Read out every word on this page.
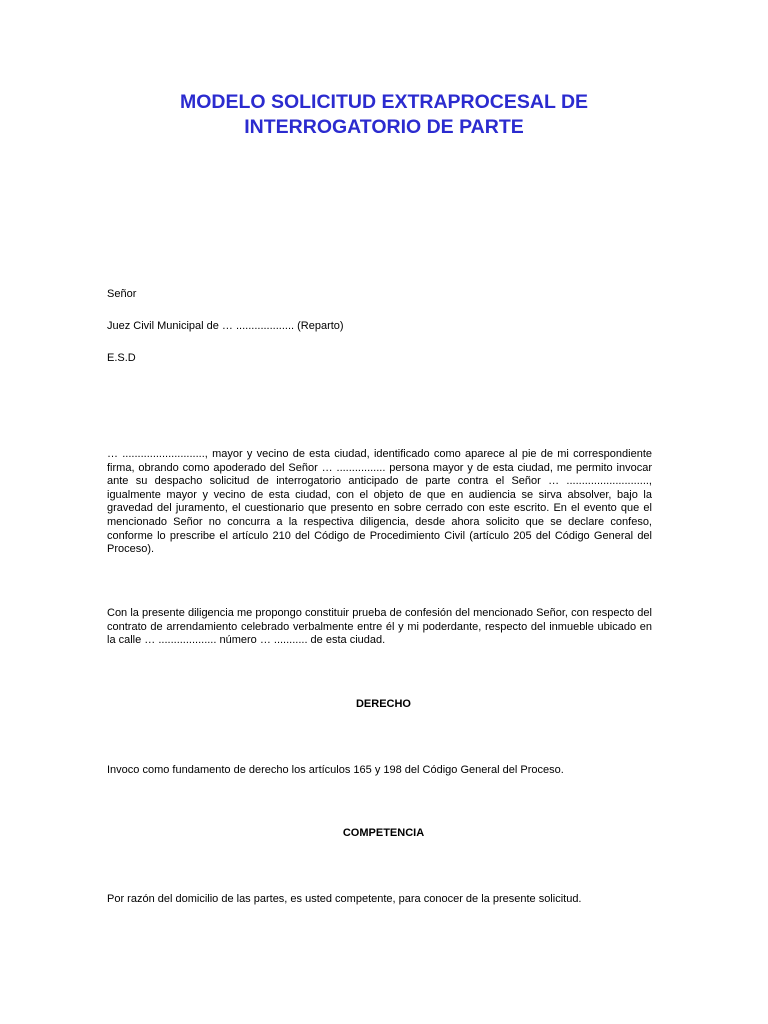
MODELO SOLICITUD EXTRAPROCESAL DE
INTERROGATORIO DE PARTE

Señor

Juez Civil Municipal de … ................... (Reparto)

E.S.D

… ..........................., mayor y vecino de esta ciudad, identificado como aparece al pie de mi correspondiente firma, obrando como apoderado del Señor … ................ persona mayor y de esta ciudad, me permito invocar ante su despacho solicitud de interrogatorio anticipado de parte contra el Señor … ..........................., igualmente mayor y vecino de esta ciudad, con el objeto de que en audiencia se sirva absolver, bajo la gravedad del juramento, el cuestionario que presento en sobre cerrado con este escrito. En el evento que el mencionado Señor no concurra a la respectiva diligencia, desde ahora solicito que se declare confeso, conforme lo prescribe el artículo 210 del Código de Procedimiento Civil (artículo 205 del Código General del Proceso).

Con la presente diligencia me propongo constituir prueba de confesión del mencionado Señor, con respecto del contrato de arrendamiento celebrado verbalmente entre él y mi poderdante, respecto del inmueble ubicado en la calle … ................... número … ........... de esta ciudad.

DERECHO

Invoco como fundamento de derecho los artículos 165 y 198 del Código General del Proceso.

COMPETENCIA

Por razón del domicilio de las partes, es usted competente, para conocer de la presente solicitud.
